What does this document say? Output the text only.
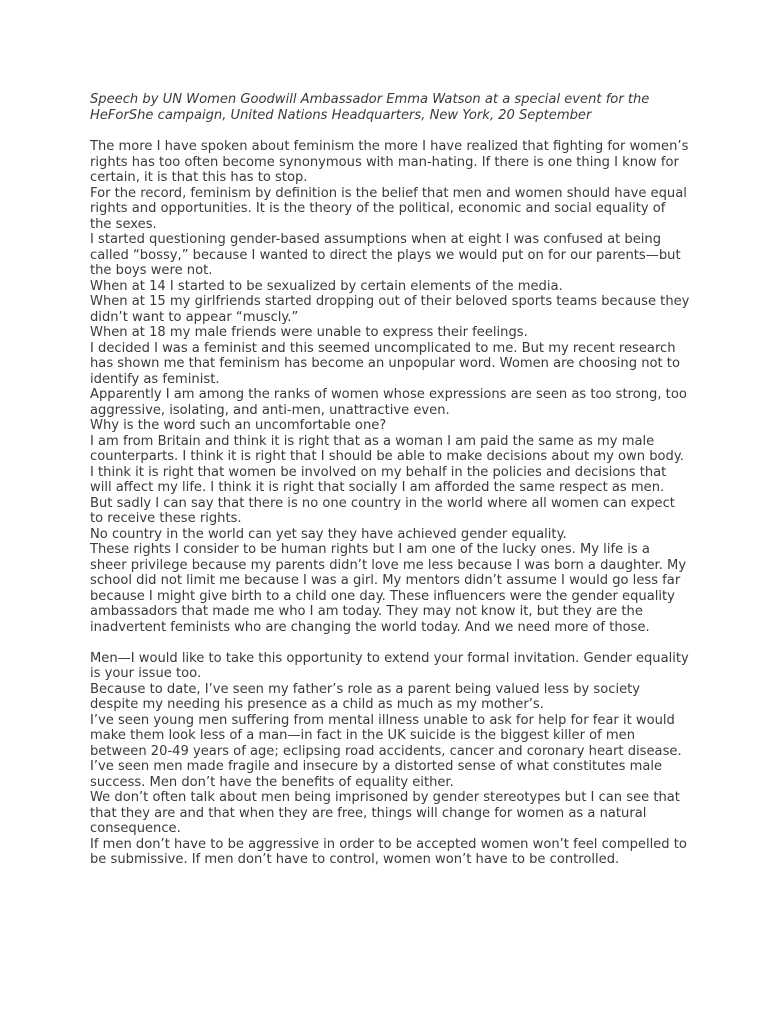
Speech by UN Women Goodwill Ambassador Emma Watson at a special event for the HeForShe campaign, United Nations Headquarters, New York, 20 September

The more I have spoken about feminism the more I have realized that fighting for women’s rights has too often become synonymous with man-hating. If there is one thing I know for certain, it is that this has to stop.

For the record, feminism by definition is the belief that men and women should have equal rights and opportunities. It is the theory of the political, economic and social equality of the sexes.

I started questioning gender-based assumptions when at eight I was confused at being called “bossy,” because I wanted to direct the plays we would put on for our parents—but the boys were not.

When at 14 I started to be sexualized by certain elements of the media.

When at 15 my girlfriends started dropping out of their beloved sports teams because they didn’t want to appear “muscly.”

When at 18 my male friends were unable to express their feelings.

I decided I was a feminist and this seemed uncomplicated to me. But my recent research has shown me that feminism has become an unpopular word. Women are choosing not to identify as feminist.

Apparently I am among the ranks of women whose expressions are seen as too strong, too aggressive, isolating, and anti-men, unattractive even.

Why is the word such an uncomfortable one?

I am from Britain and think it is right that as a woman I am paid the same as my male counterparts. I think it is right that I should be able to make decisions about my own body. I think it is right that women be involved on my behalf in the policies and decisions that will affect my life. I think it is right that socially I am afforded the same respect as men. But sadly I can say that there is no one country in the world where all women can expect to receive these rights.

No country in the world can yet say they have achieved gender equality.

These rights I consider to be human rights but I am one of the lucky ones. My life is a sheer privilege because my parents didn’t love me less because I was born a daughter. My school did not limit me because I was a girl. My mentors didn’t assume I would go less far because I might give birth to a child one day. These influencers were the gender equality ambassadors that made me who I am today. They may not know it, but they are the inadvertent feminists who are changing the world today. And we need more of those.

Men—I would like to take this opportunity to extend your formal invitation. Gender equality is your issue too.

Because to date, I’ve seen my father’s role as a parent being valued less by society despite my needing his presence as a child as much as my mother’s.

I’ve seen young men suffering from mental illness unable to ask for help for fear it would make them look less of a man—in fact in the UK suicide is the biggest killer of men between 20-49 years of age; eclipsing road accidents, cancer and coronary heart disease. I’ve seen men made fragile and insecure by a distorted sense of what constitutes male success. Men don’t have the benefits of equality either.

We don’t often talk about men being imprisoned by gender stereotypes but I can see that that they are and that when they are free, things will change for women as a natural consequence.

If men don’t have to be aggressive in order to be accepted women won’t feel compelled to be submissive. If men don’t have to control, women won’t have to be controlled.
